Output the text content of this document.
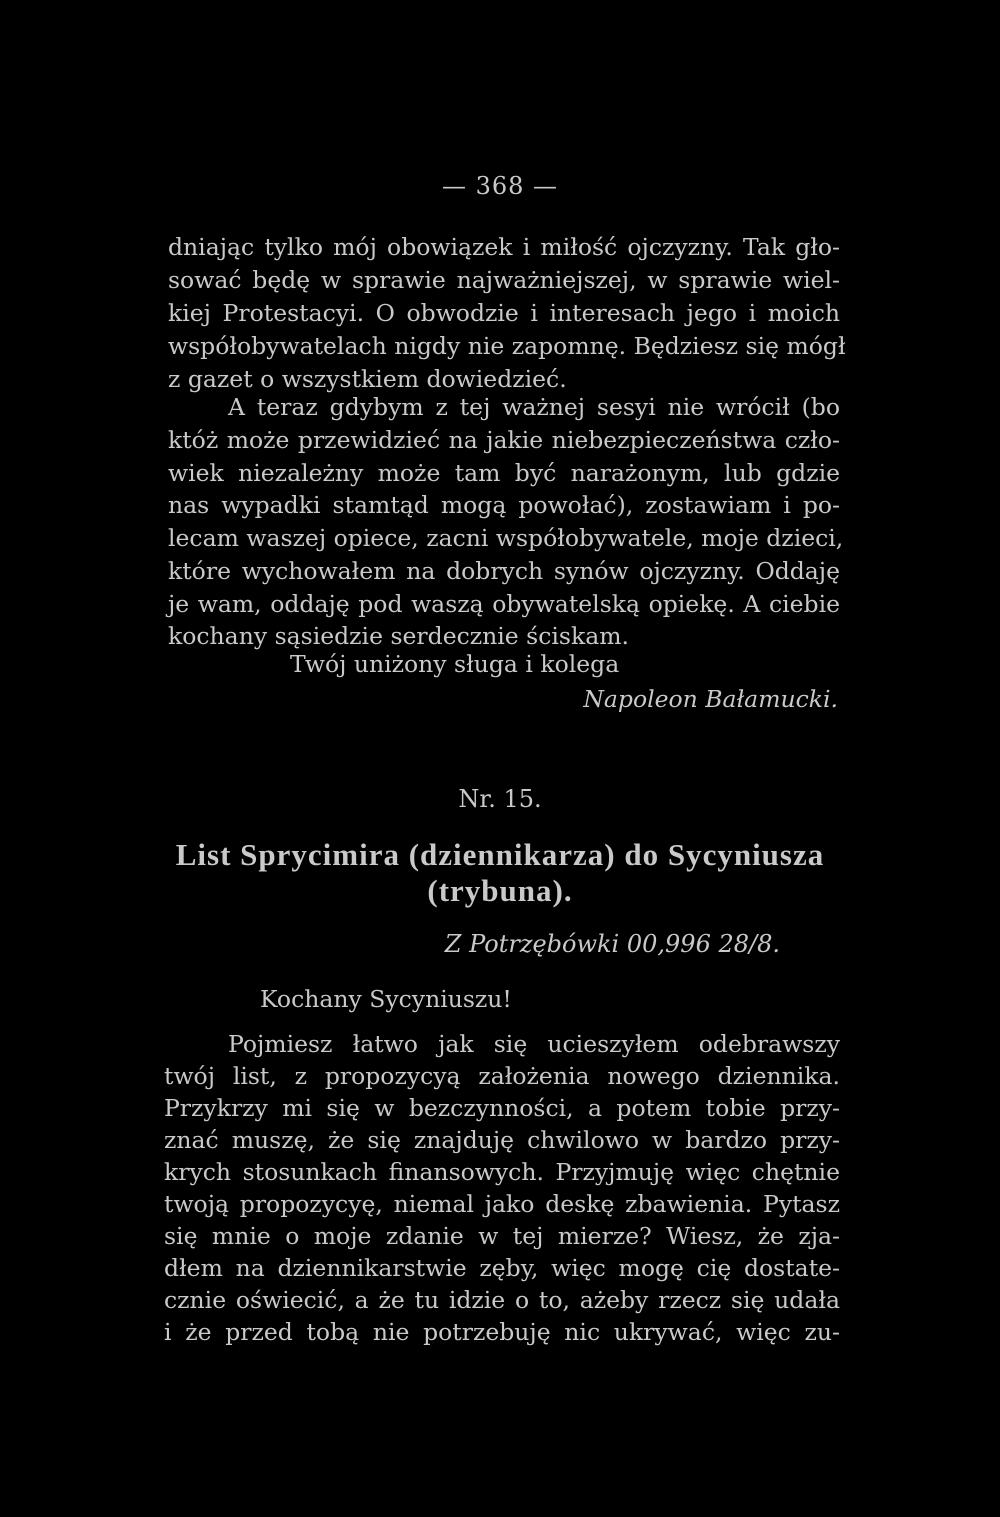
— 368 —
dniając tylko mój obowiązek i miłość ojczyzny. Tak gło-
sować będę w sprawie najważniejszej, w sprawie wiel-
kiej Protestacyi. O obwodzie i interesach jego i moich
współobywatelach nigdy nie zapomnę. Będziesz się mógł
z gazet o wszystkiem dowiedzieć.
A teraz gdybym z tej ważnej sesyi nie wrócił (bo
któż może przewidzieć na jakie niebezpieczeństwa czło-
wiek niezależny może tam być narażonym, lub gdzie
nas wypadki stamtąd mogą powołać), zostawiam i po-
lecam waszej opiece, zacni współobywatele, moje dzieci,
które wychowałem na dobrych synów ojczyzny. Oddaję
je wam, oddaję pod waszą obywatelską opiekę. A ciebie
kochany sąsiedzie serdecznie ściskam.
Twój uniżony sługa i kolega
Napoleon Bałamucki.
Nr. 15.
List Sprycimira (dziennikarza) do Sycyniusza
(trybuna).
Z Potrzębówki 00,996 28/8.
Kochany Sycyniuszu!
Pojmiesz łatwo jak się ucieszyłem odebrawszy
twój list, z propozycyą założenia nowego dziennika.
Przykrzy mi się w bezczynności, a potem tobie przy-
znać muszę, że się znajduję chwilowo w bardzo przy-
krych stosunkach finansowych. Przyjmuję więc chętnie
twoją propozycyę, niemal jako deskę zbawienia. Pytasz
się mnie o moje zdanie w tej mierze? Wiesz, że zja-
dłem na dziennikarstwie zęby, więc mogę cię dostate-
cznie oświecić, a że tu idzie o to, ażeby rzecz się udała
i że przed tobą nie potrzebuję nic ukrywać, więc zu-
